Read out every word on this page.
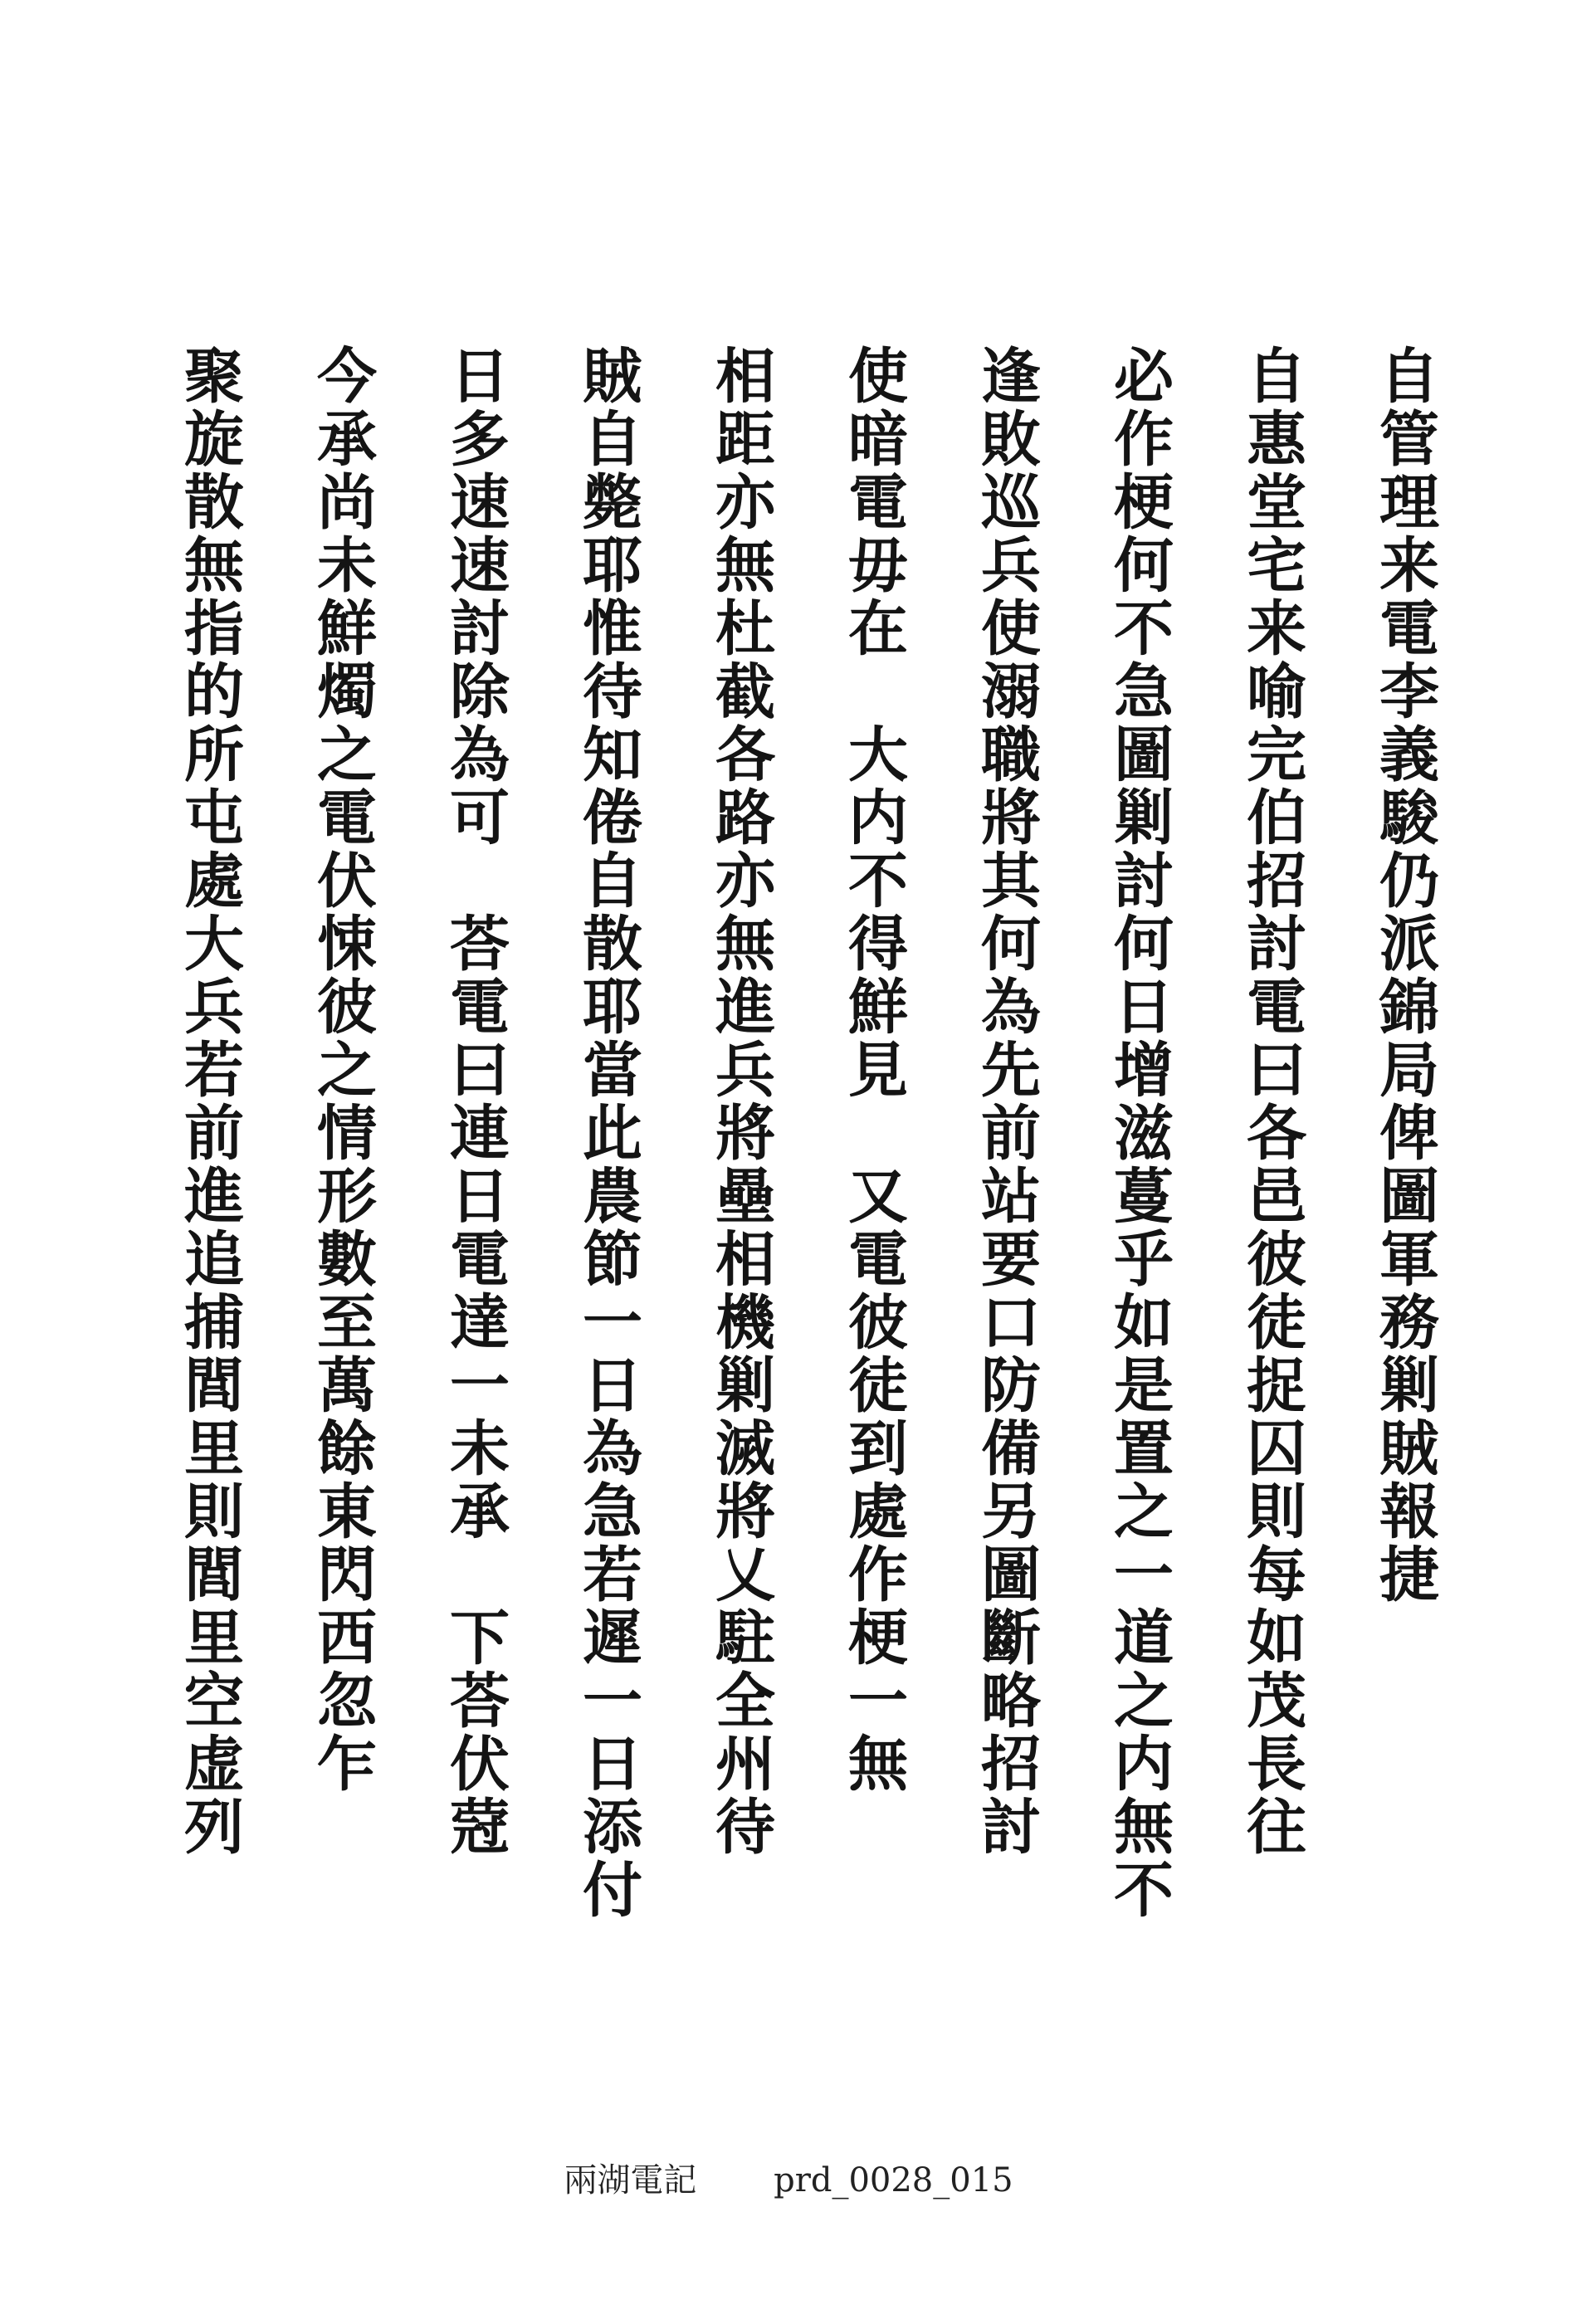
自管理来電李義駿仍派錦局俾圖軍務剿賊報捷
自惠堂宅来喻完伯招討電曰各邑彼徒捉囚則每如茂長往
必作梗何不急圖剿討何日增滋蔓乎如是置之一道之内無不
逢敗巡兵使溺職將其何為先前站要口防備另圖斷略招討
使暗電毋在　大内不得鮮見　又電彼徒到處作梗一無
相距亦無杜截各路亦無進兵將壘相機剿滅將乂駐全州待
賊自斃耶惟待知倦自散耶當此農節一日為急若遲一日添付
日多速速討除為可　荅電曰連日電達一未承　下荅伏蒄
今承尚未鮮燭之電伏悚彼之情形數至萬餘東閃西忽乍
聚旋散無指的所屯處大兵若前進追捕閭里則閭里空虚列
兩湖電記 prd_0028_015
